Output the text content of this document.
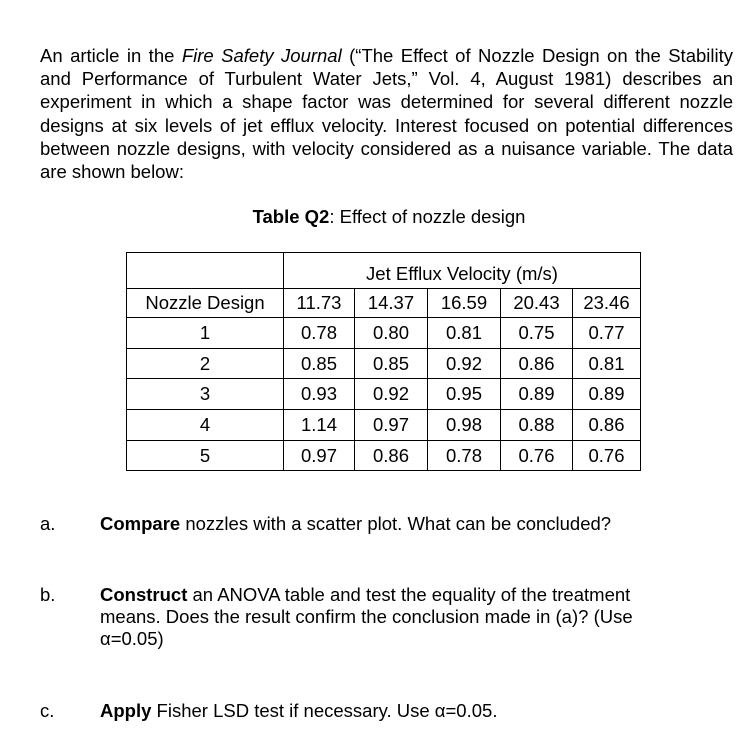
An article in the Fire Safety Journal (“The Effect of Nozzle Design on the Stability and Performance of Turbulent Water Jets,” Vol. 4, August 1981) describes an experiment in which a shape factor was determined for several different nozzle designs at six levels of jet efflux velocity. Interest focused on potential differences between nozzle designs, with velocity considered as a nuisance variable. The data are shown below:

Table Q2: Effect of nozzle design

	Jet Efflux Velocity (m/s)				
Nozzle Design	11.73	14.37	16.59	20.43	23.46
1	0.78	0.80	0.81	0.75	0.77
2	0.85	0.85	0.92	0.86	0.81
3	0.93	0.92	0.95	0.89	0.89
4	1.14	0.97	0.98	0.88	0.86
5	0.97	0.86	0.78	0.76	0.76
a. Compare nozzles with a scatter plot. What can be concluded?
b. Construct an ANOVA table and test the equality of the treatment means. Does the result confirm the conclusion made in (a)? (Use α=0.05)
c. Apply Fisher LSD test if necessary. Use α=0.05.
